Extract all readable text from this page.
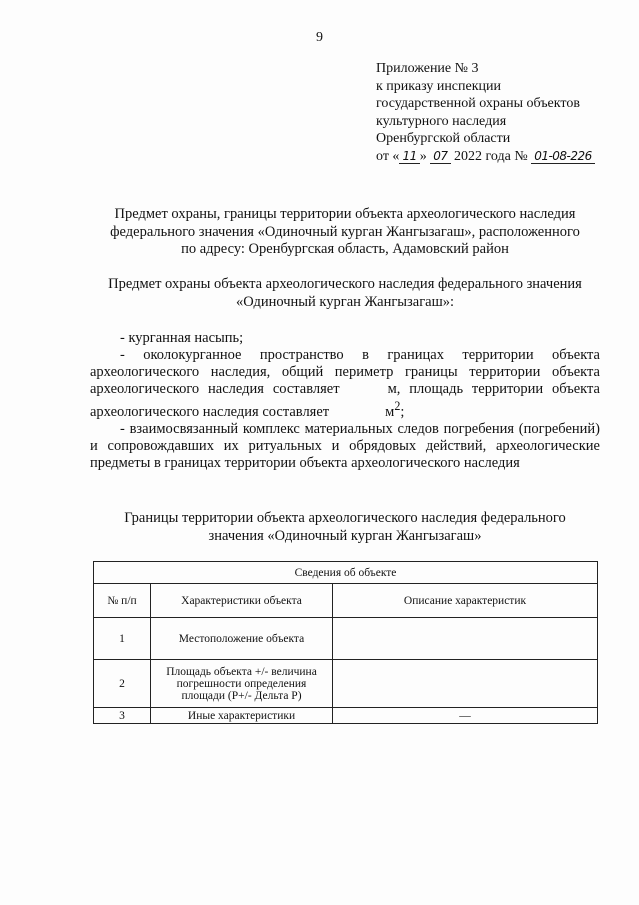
9
Приложение № 3
к приказу инспекции
государственной охраны объектов
культурного наследия
Оренбургской области
от « 11 » 07 2022 года № 01-08-226
Предмет охраны, границы территории объекта археологического наследия
федерального значения «Одиночный курган Жангызагаш», расположенного
по адресу: Оренбургская область, Адамовский район
Предмет охраны объекта археологического наследия федерального значения
«Одиночный курган Жангызагаш»:
- курганная насыпь;
- околокурганное пространство в границах территории объекта археологического наследия, общий периметр границы территории объекта археологического наследия составляет	м, площадь территории объекта археологического наследия составляет	$м^2$;
- взаимосвязанный комплекс материальных следов погребения (погребений) и сопровождавших их ритуальных и обрядовых действий, археологические предметы в границах территории объекта археологического наследия
Границы территории объекта археологического наследия федерального
значения «Одиночный курган Жангызагаш»
Сведения об объекте		
№ п/п	Характеристики объекта	Описание характеристик
1	Местоположение объекта	
2	Площадь объекта +/- величина погрешности определения площади (P+/- Дельта P)	
3	Иные характеристики	—
